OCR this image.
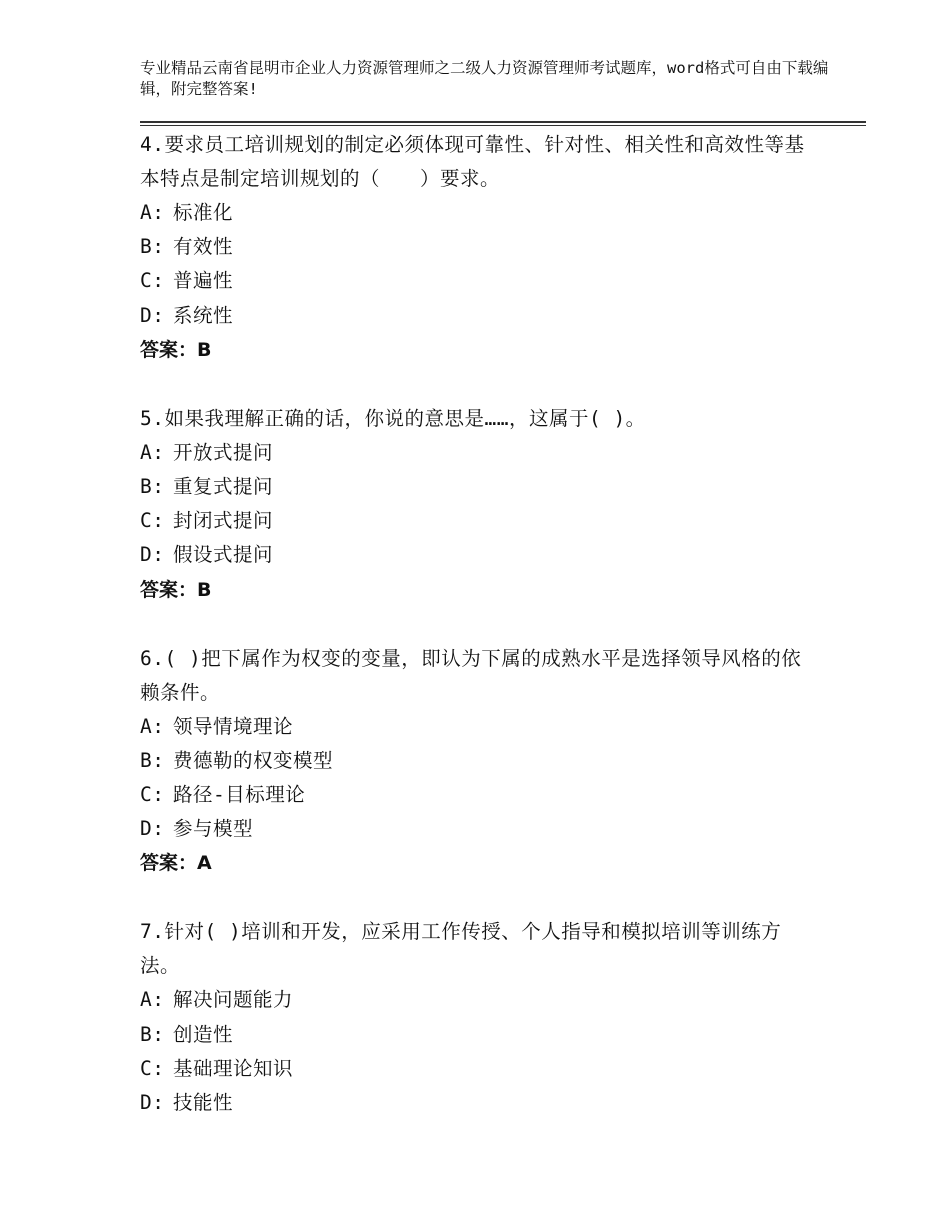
专业精品云南省昆明市企业人力资源管理师之二级人力资源管理师考试题库，word格式可自由下载编辑，附完整答案!
4.要求员工培训规划的制定必须体现可靠性、针对性、相关性和高效性等基本特点是制定培训规划的（　　）要求。
A: 标准化
B: 有效性
C: 普遍性
D: 系统性
答案：B
5.如果我理解正确的话，你说的意思是……，这属于( )。
A: 开放式提问
B: 重复式提问
C: 封闭式提问
D: 假设式提问
答案：B
6.( )把下属作为权变的变量，即认为下属的成熟水平是选择领导风格的依赖条件。
A: 领导情境理论
B: 费德勒的权变模型
C: 路径-目标理论
D: 参与模型
答案：A
7.针对( )培训和开发，应采用工作传授、个人指导和模拟培训等训练方法。
A: 解决问题能力
B: 创造性
C: 基础理论知识
D: 技能性
